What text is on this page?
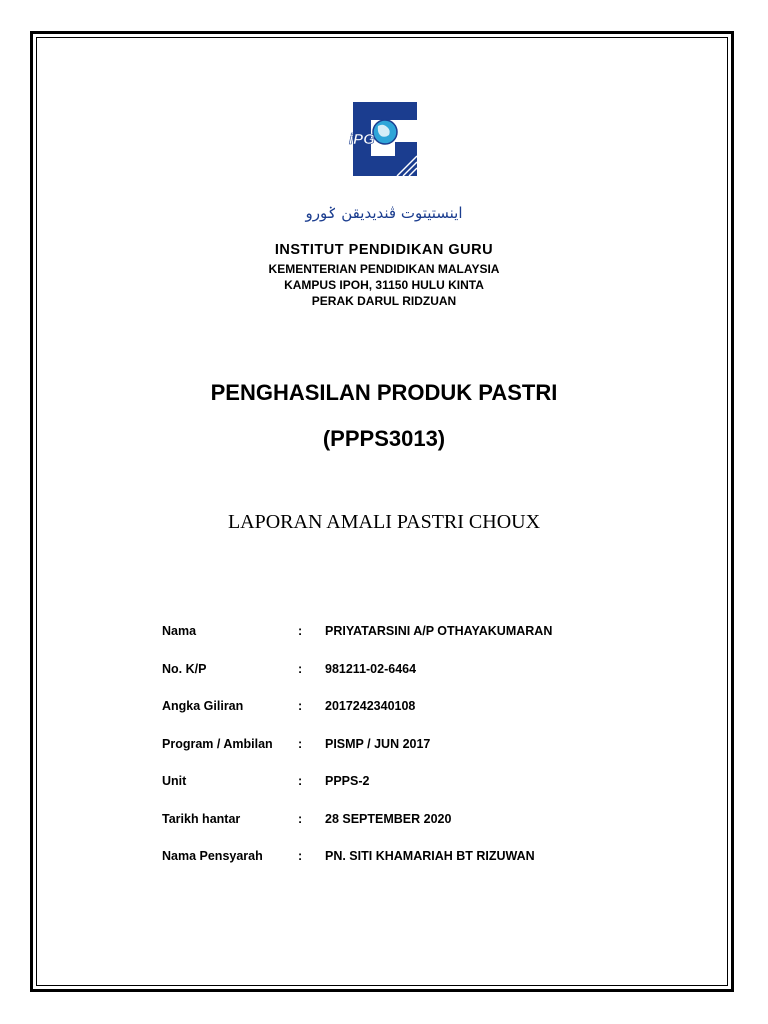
iPG
اينستيتوت ڤنديديقن ݢورو
INSTITUT PENDIDIKAN GURU
KEMENTERIAN PENDIDIKAN MALAYSIA
KAMPUS IPOH, 31150 HULU KINTA
PERAK DARUL RIDZUAN
PENGHASILAN PRODUK PASTRI
(PPPS3013)
LAPORAN AMALI PASTRI CHOUX
Nama	: PRIYATARSINI A/P OTHAYAKUMARAN
No. K/P	: 981211-02-6464
Angka Giliran	: 2017242340108
Program / Ambilan	: PISMP / JUN 2017
Unit	: PPPS-2
Tarikh hantar	: 28 SEPTEMBER 2020
Nama Pensyarah	: PN. SITI KHAMARIAH BT RIZUWAN
